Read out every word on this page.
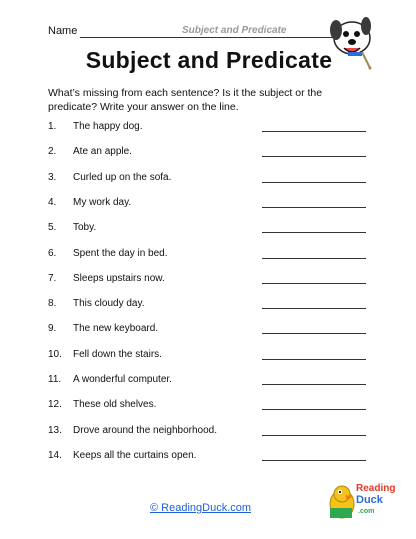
Name	Subject and Predicate
Subject and Predicate
What’s missing from each sentence? Is it the subject or the predicate? Write your answer on the line.
1. The happy dog.
2. Ate an apple.
3. Curled up on the sofa.
4. My work day.
5. Toby.
6. Spent the day in bed.
7. Sleeps upstairs now.
8. This cloudy day.
9. The new keyboard.
10. Fell down the stairs.
11. A wonderful computer.
12. These old shelves.
13. Drove around the neighborhood.
14. Keeps all the curtains open.
© ReadingDuck.com
Reading
Duck
.com
